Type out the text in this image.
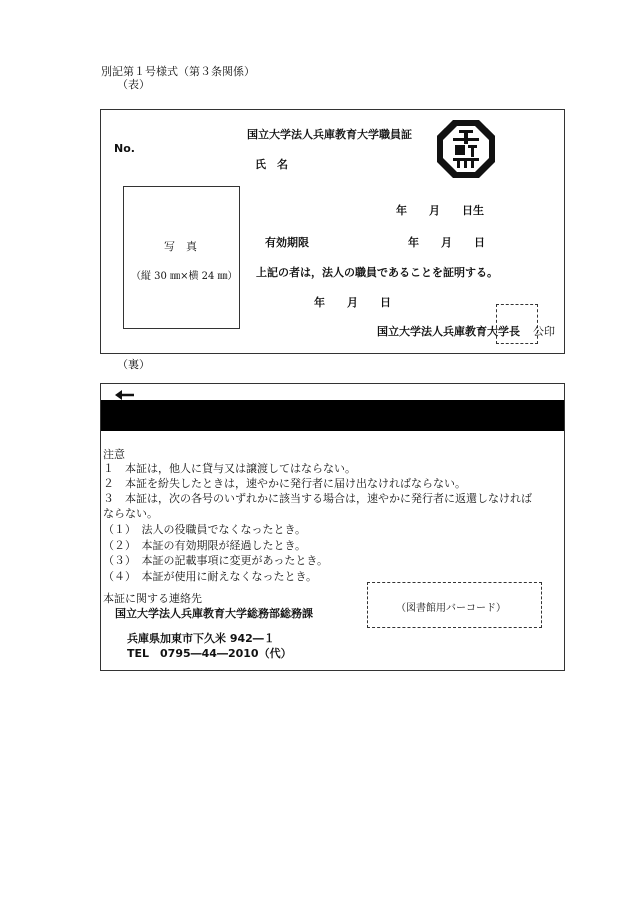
別記第１号様式（第３条関係）
（表）
No.
国立大学法人兵庫教育大学職員証
氏　名
写　真
（縦 30 ㎜×横 24 ㎜）
年　　月　　日生
有効期限	年　　月　　日
上記の者は，法人の職員であることを証明する。
年　　月　　日
国立大学法人兵庫教育大学長 公印
（裏）
注意
１　本証は，他人に貸与又は譲渡してはならない。
２　本証を紛失したときは，速やかに発行者に届け出なければならない。
３　本証は，次の各号のいずれかに該当する場合は，速やかに発行者に返還しなければ
ならない。
（１）　法人の役職員でなくなったとき。
（２）　本証の有効期限が経過したとき。
（３）　本証の記載事項に変更があったとき。
（４）　本証が使用に耐えなくなったとき。
本証に関する連絡先
国立大学法人兵庫教育大学総務部総務課
兵庫県加東市下久米 942―１
TEL　0795―44―2010（代）
（図書館用バーコード）
